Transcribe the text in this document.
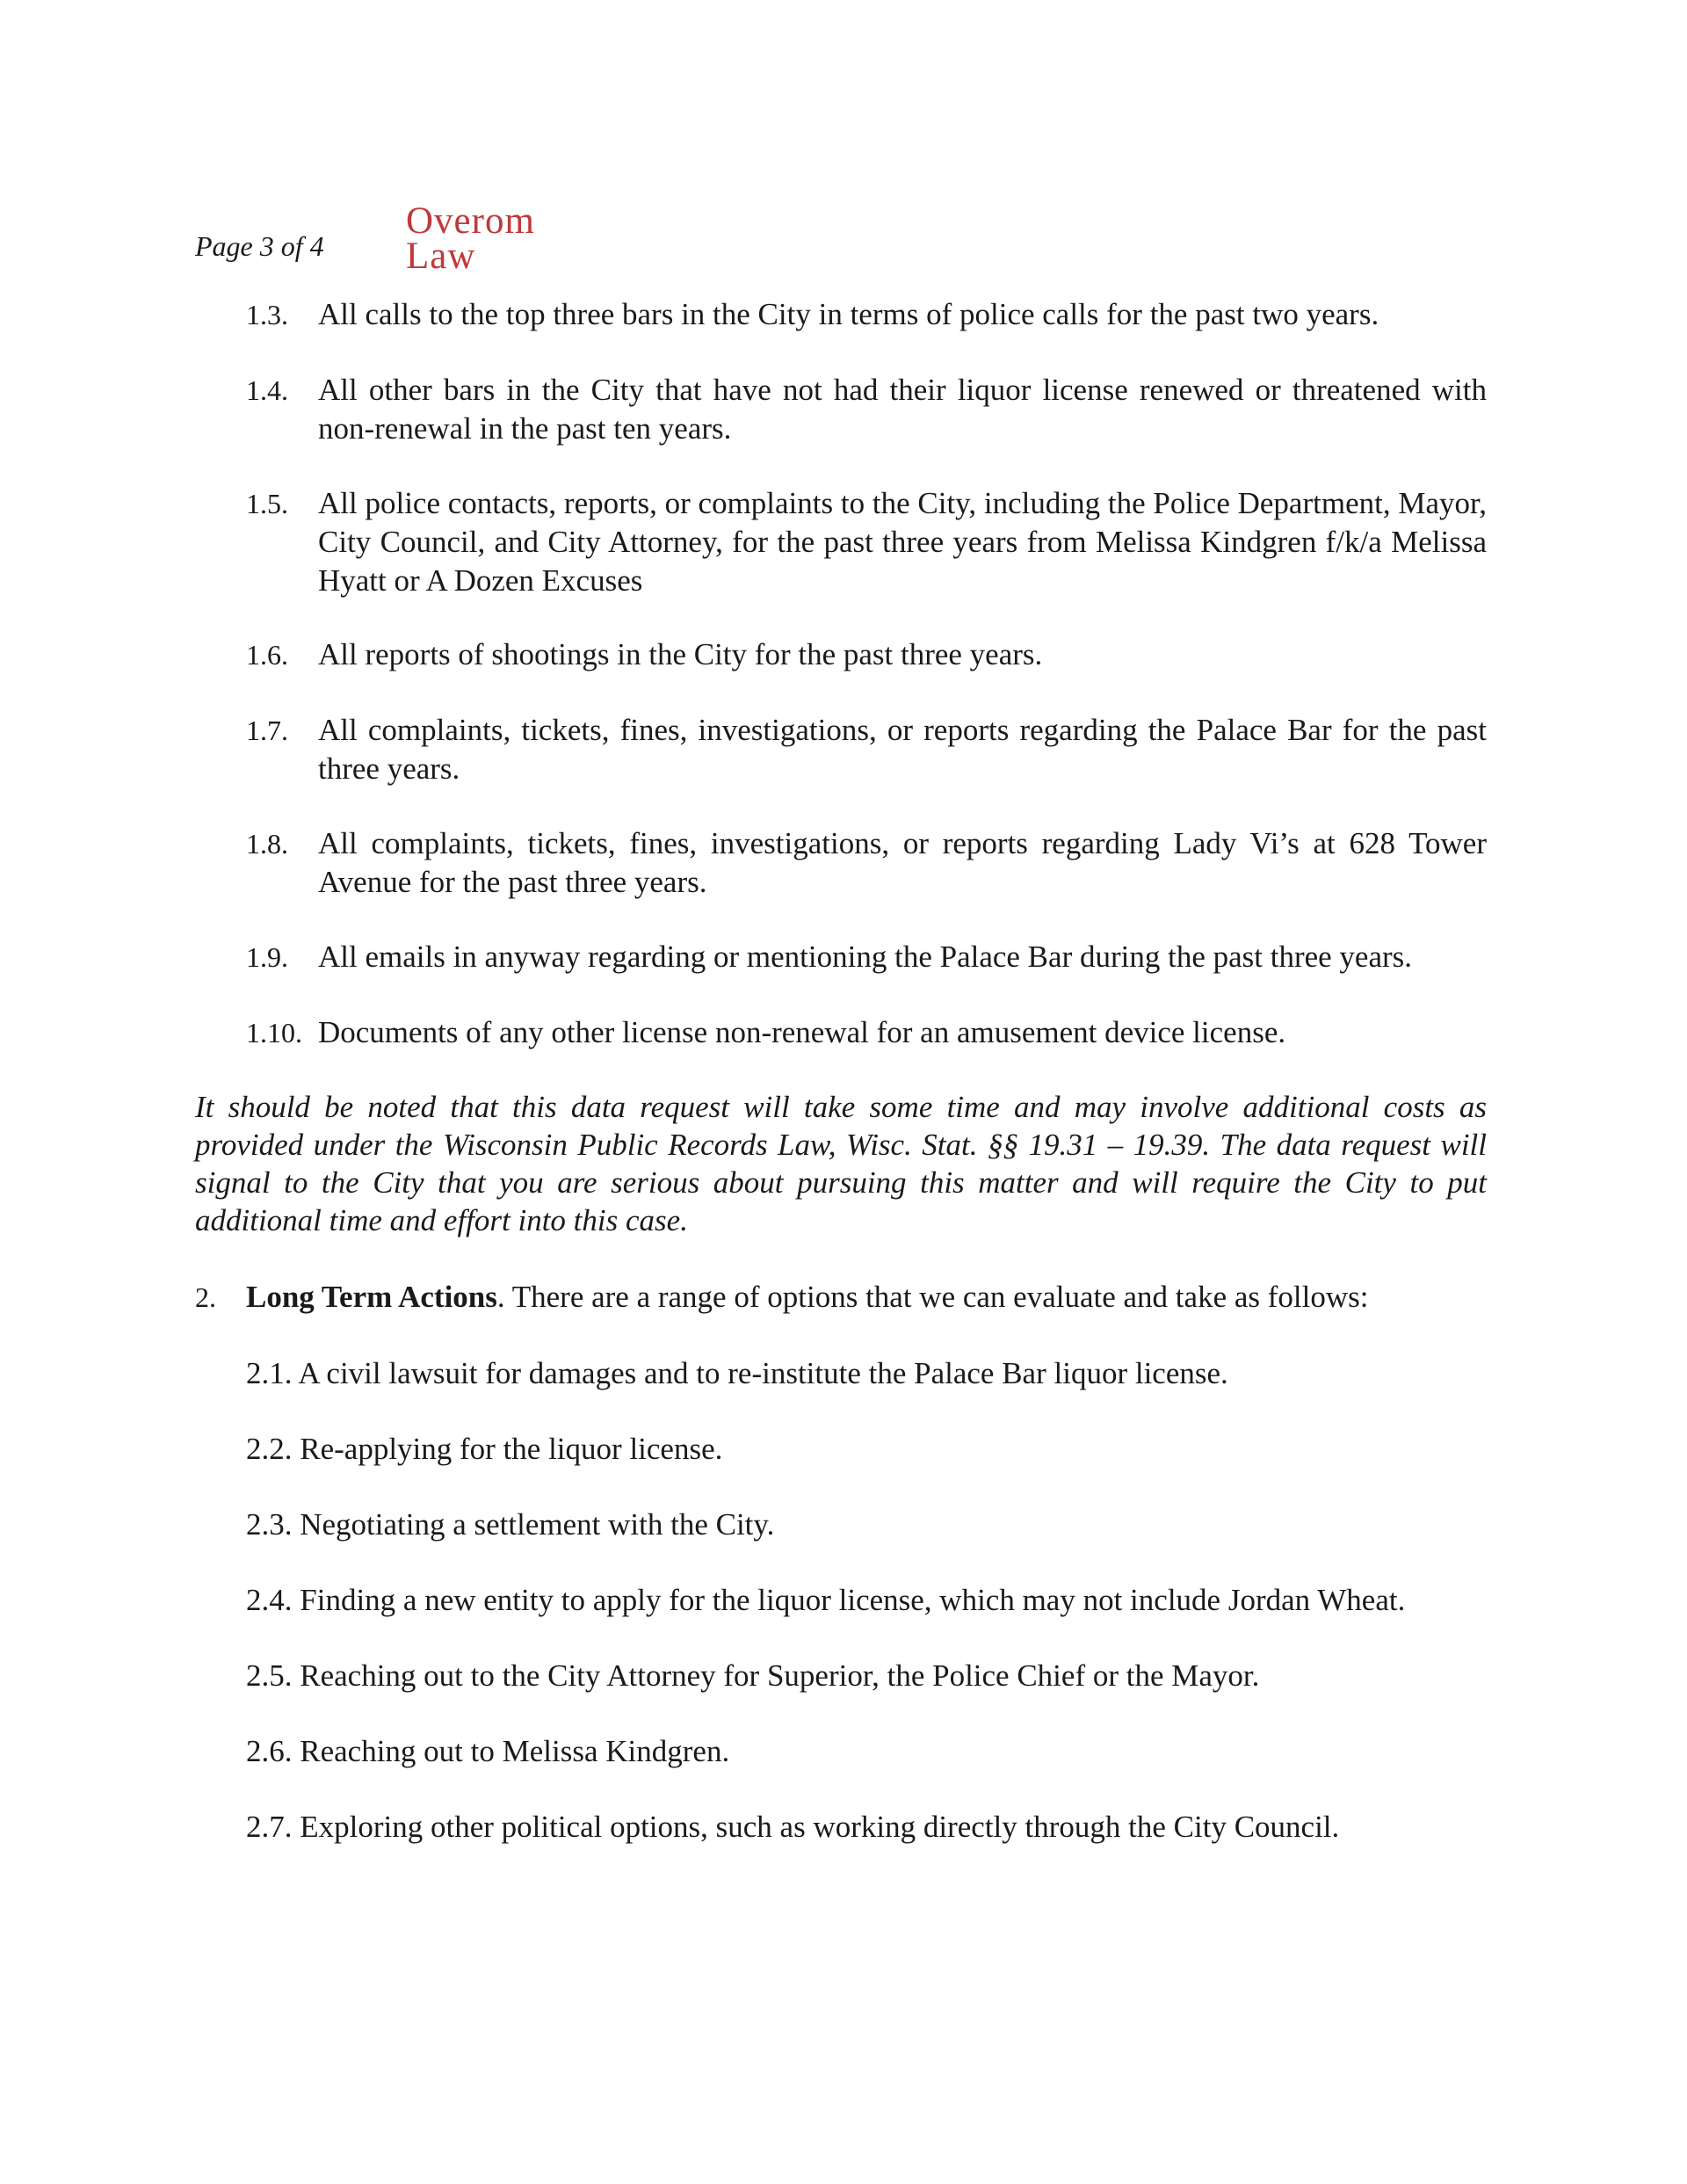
Page 3 of 4
Overom
Law
1.3. All calls to the top three bars in the City in terms of police calls for the past two years.
1.4. All other bars in the City that have not had their liquor license renewed or threatened with non-renewal in the past ten years.
1.5. All police contacts, reports, or complaints to the City, including the Police Department, Mayor, City Council, and City Attorney, for the past three years from Melissa Kindgren f/k/a Melissa Hyatt or A Dozen Excuses
1.6. All reports of shootings in the City for the past three years.
1.7. All complaints, tickets, fines, investigations, or reports regarding the Palace Bar for the past three years.
1.8. All complaints, tickets, fines, investigations, or reports regarding Lady Vi’s at 628 Tower Avenue for the past three years.
1.9. All emails in anyway regarding or mentioning the Palace Bar during the past three years.
1.10. Documents of any other license non-renewal for an amusement device license.
It should be noted that this data request will take some time and may involve additional costs as provided under the Wisconsin Public Records Law, Wisc. Stat. §§ 19.31 – 19.39. The data request will signal to the City that you are serious about pursuing this matter and will require the City to put additional time and effort into this case.
2. Long Term Actions. There are a range of options that we can evaluate and take as follows:
2.1. A civil lawsuit for damages and to re-institute the Palace Bar liquor license.
2.2. Re-applying for the liquor license.
2.3. Negotiating a settlement with the City.
2.4. Finding a new entity to apply for the liquor license, which may not include Jordan Wheat.
2.5. Reaching out to the City Attorney for Superior, the Police Chief or the Mayor.
2.6. Reaching out to Melissa Kindgren.
2.7. Exploring other political options, such as working directly through the City Council.
